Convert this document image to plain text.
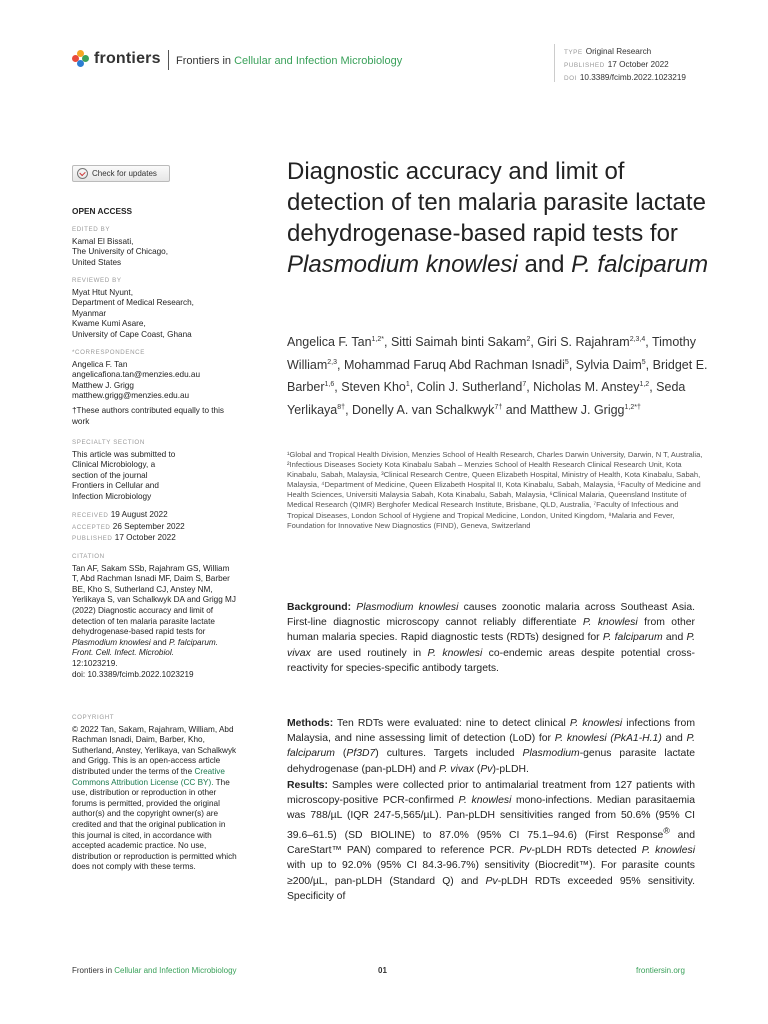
frontiers Frontiers in Cellular and Infection Microbiology
TYPE Original Research
PUBLISHED 17 October 2022
DOI 10.3389/fcimb.2022.1023219
Check for updates
OPEN ACCESS
EDITED BY

Kamal El Bissati,

The University of Chicago,

United States

REVIEWED BY

Myat Htut Nyunt,

Department of Medical Research,

Myanmar

Kwame Kumi Asare,

University of Cape Coast, Ghana

*CORRESPONDENCE

Angelica F. Tan

angelicafiona.tan@menzies.edu.au

Matthew J. Grigg

matthew.grigg@menzies.edu.au

†These authors contributed equally to this work

SPECIALTY SECTION

This article was submitted to Clinical Microbiology, a section of the journal Frontiers in Cellular and Infection Microbiology

RECEIVED 19 August 2022

ACCEPTED 26 September 2022

PUBLISHED 17 October 2022

CITATION

Tan AF, Sakam SSb, Rajahram GS, William T, Abd Rachman Isnadi MF, Daim S, Barber BE, Kho S, Sutherland CJ, Anstey NM, Yerlikaya S, van Schalkwyk DA and Grigg MJ (2022) Diagnostic accuracy and limit of detection of ten malaria parasite lactate dehydrogenase-based rapid tests for Plasmodium knowlesi and P. falciparum.

Front. Cell. Infect. Microbiol.

12:1023219.

doi: 10.3389/fcimb.2022.1023219

COPYRIGHT

© 2022 Tan, Sakam, Rajahram, William, Abd Rachman Isnadi, Daim, Barber, Kho, Sutherland, Anstey, Yerlikaya, van Schalkwyk and Grigg. This is an open-access article distributed under the terms of the Creative Commons Attribution License (CC BY). The use, distribution or reproduction in other forums is permitted, provided the original author(s) and the copyright owner(s) are credited and that the original publication in this journal is cited, in accordance with accepted academic practice. No use, distribution or reproduction is permitted which does not comply with these terms.

Diagnostic accuracy and limit of detection of ten malaria parasite lactate dehydrogenase-based rapid tests for Plasmodium knowlesi and P. falciparum
Angelica F. Tan$^{1,2*}$, Sitti Saimah binti Sakam$^2$, Giri S. Rajahram$^{2,3,4}$, Timothy William$^{2,3}$, Mohammad Faruq Abd Rachman Isnadi$^5$, Sylvia Daim$^5$, Bridget E. Barber$^{1,6}$, Steven Kho$^1$, Colin J. Sutherland$^7$, Nicholas M. Anstey$^{1,2}$, Seda Yerlikaya$^{8\dagger}$, Donelly A. van Schalkwyk$^{7\dagger}$ and Matthew J. Grigg$^{1,2*\dagger}$
¹Global and Tropical Health Division, Menzies School of Health Research, Charles Darwin University, Darwin, N T, Australia, ²Infectious Diseases Society Kota Kinabalu Sabah – Menzies School of Health Research Clinical Research Unit, Kota Kinabalu, Sabah, Malaysia, ³Clinical Research Centre, Queen Elizabeth Hospital, Ministry of Health, Kota Kinabalu, Sabah, Malaysia, ⁴Department of Medicine, Queen Elizabeth Hospital II, Kota Kinabalu, Sabah, Malaysia, ⁵Faculty of Medicine and Health Sciences, Universiti Malaysia Sabah, Kota Kinabalu, Sabah, Malaysia, ⁶Clinical Malaria, Queensland Institute of Medical Research (QIMR) Berghofer Medical Research Institute, Brisbane, QLD, Australia, ⁷Faculty of Infectious and Tropical Diseases, London School of Hygiene and Tropical Medicine, London, United Kingdom, ⁸Malaria and Fever, Foundation for Innovative New Diagnostics (FIND), Geneva, Switzerland
Background: Plasmodium knowlesi causes zoonotic malaria across Southeast Asia. First-line diagnostic microscopy cannot reliably differentiate P. knowlesi from other human malaria species. Rapid diagnostic tests (RDTs) designed for P. falciparum and P. vivax are used routinely in P. knowlesi co-endemic areas despite potential cross-reactivity for species-specific antibody targets.
Methods: Ten RDTs were evaluated: nine to detect clinical P. knowlesi infections from Malaysia, and nine assessing limit of detection (LoD) for P. knowlesi (PkA1-H.1) and P. falciparum (Pf3D7) cultures. Targets included Plasmodium-genus parasite lactate dehydrogenase (pan-pLDH) and P. vivax (Pv)-pLDH.
Results: Samples were collected prior to antimalarial treatment from 127 patients with microscopy-positive PCR-confirmed P. knowlesi mono-infections. Median parasitaemia was 788/µL (IQR 247-5,565/µL). Pan-pLDH sensitivities ranged from 50.6% (95% CI 39.6–61.5) (SD BIOLINE) to 87.0% (95% CI 75.1–94.6) (First Response® and CareStart™ PAN) compared to reference PCR. Pv-pLDH RDTs detected P. knowlesi with up to 92.0% (95% CI 84.3-96.7%) sensitivity (Biocredit™). For parasite counts ≥200/µL, pan-pLDH (Standard Q) and Pv-pLDH RDTs exceeded 95% sensitivity. Specificity of
Frontiers in Cellular and Infection Microbiology	01	frontiersin.org
